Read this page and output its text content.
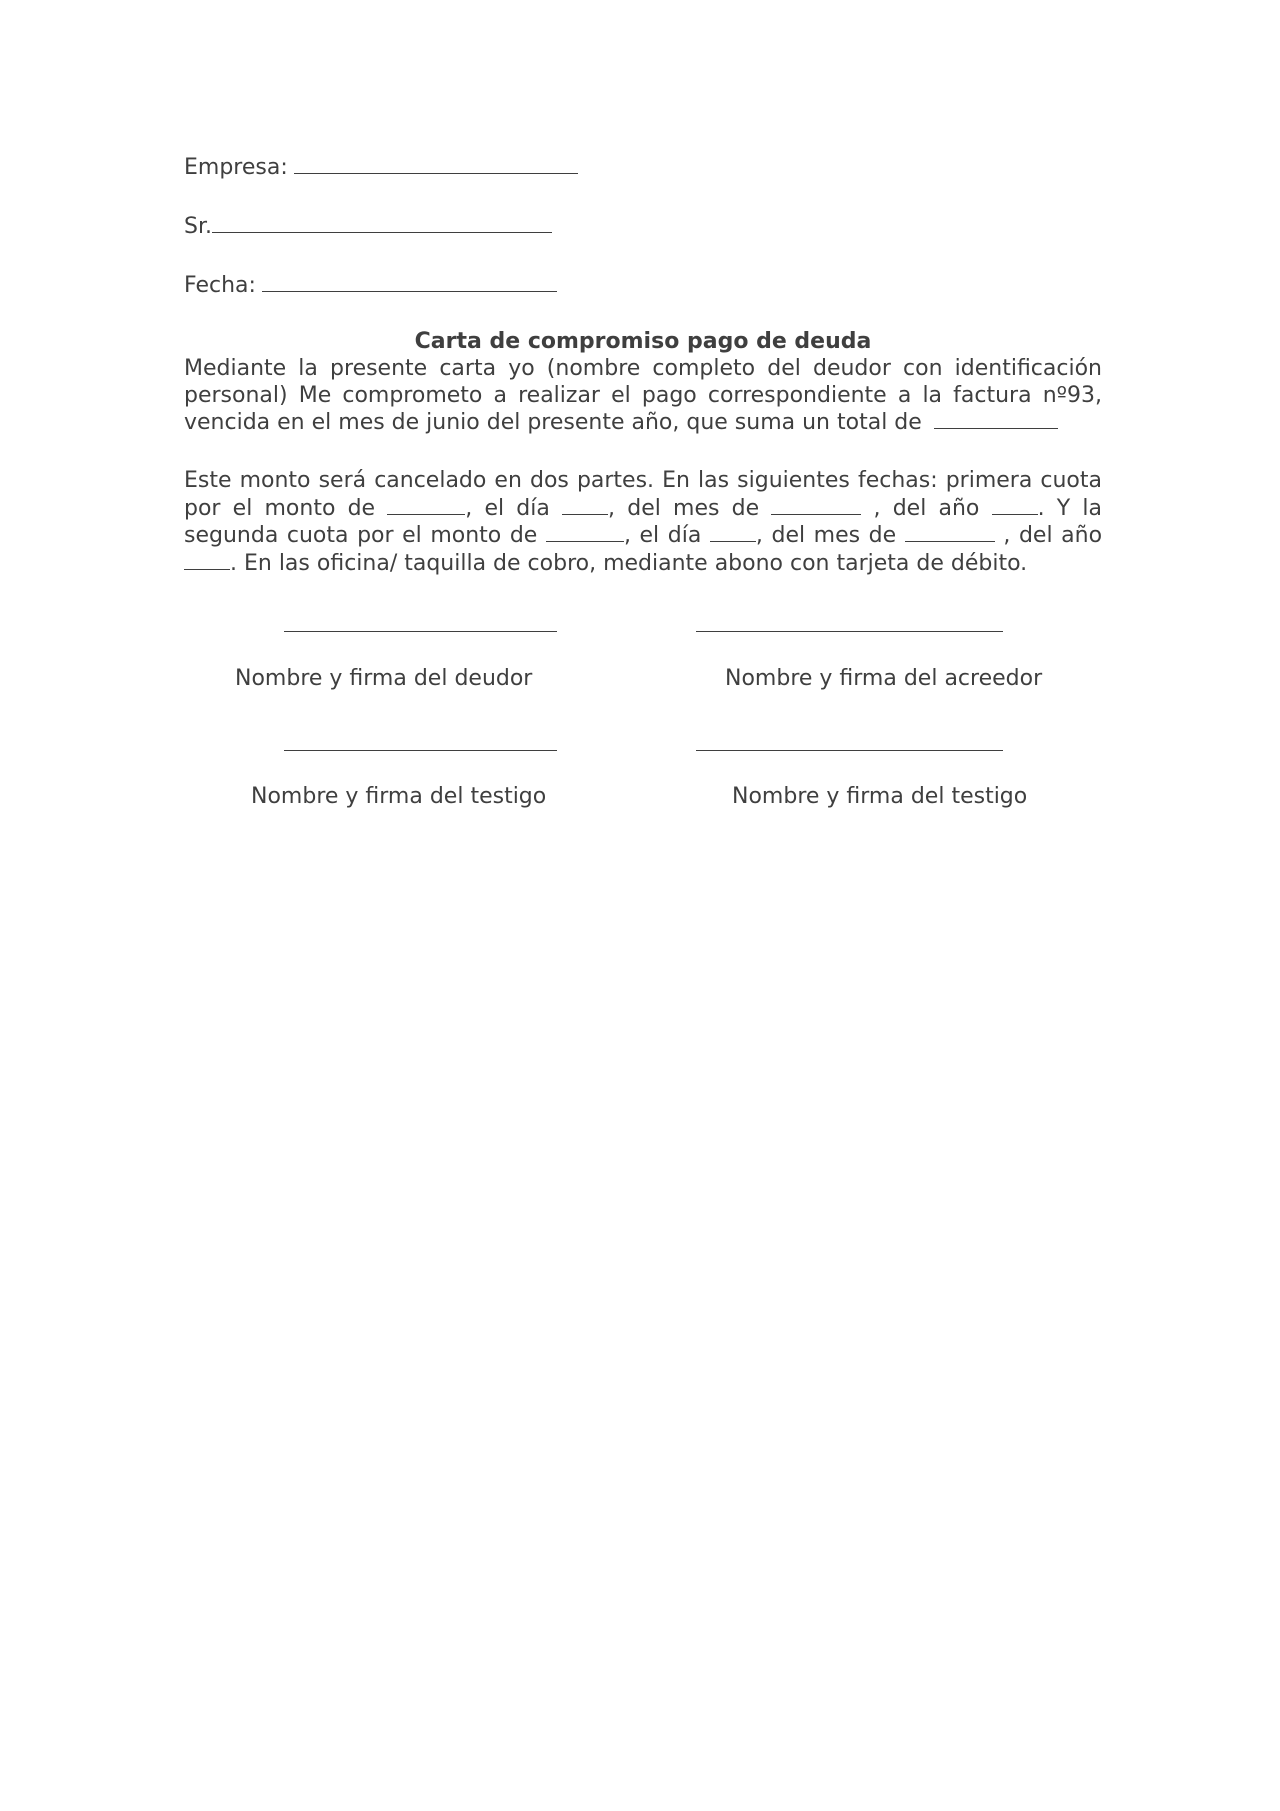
Empresa:
Sr.
Fecha:
Carta de compromiso pago de deuda
Mediante la presente carta yo (nombre completo del deudor con identificación personal) Me comprometo a realizar el pago correspondiente a la factura nº93, vencida en el mes de junio del presente año, que suma un total de
Este monto será cancelado en dos partes. En las siguientes fechas: primera cuota por el monto de	, el día	, del mes de	, del año	. Y la segunda cuota por el monto de	, el día , del mes de	, del año . En las oficina/ taquilla de cobro, mediante abono con tarjeta de débito.
Nombre y firma del deudor	Nombre y firma del acreedor
Nombre y firma del testigo	Nombre y firma del testigo
